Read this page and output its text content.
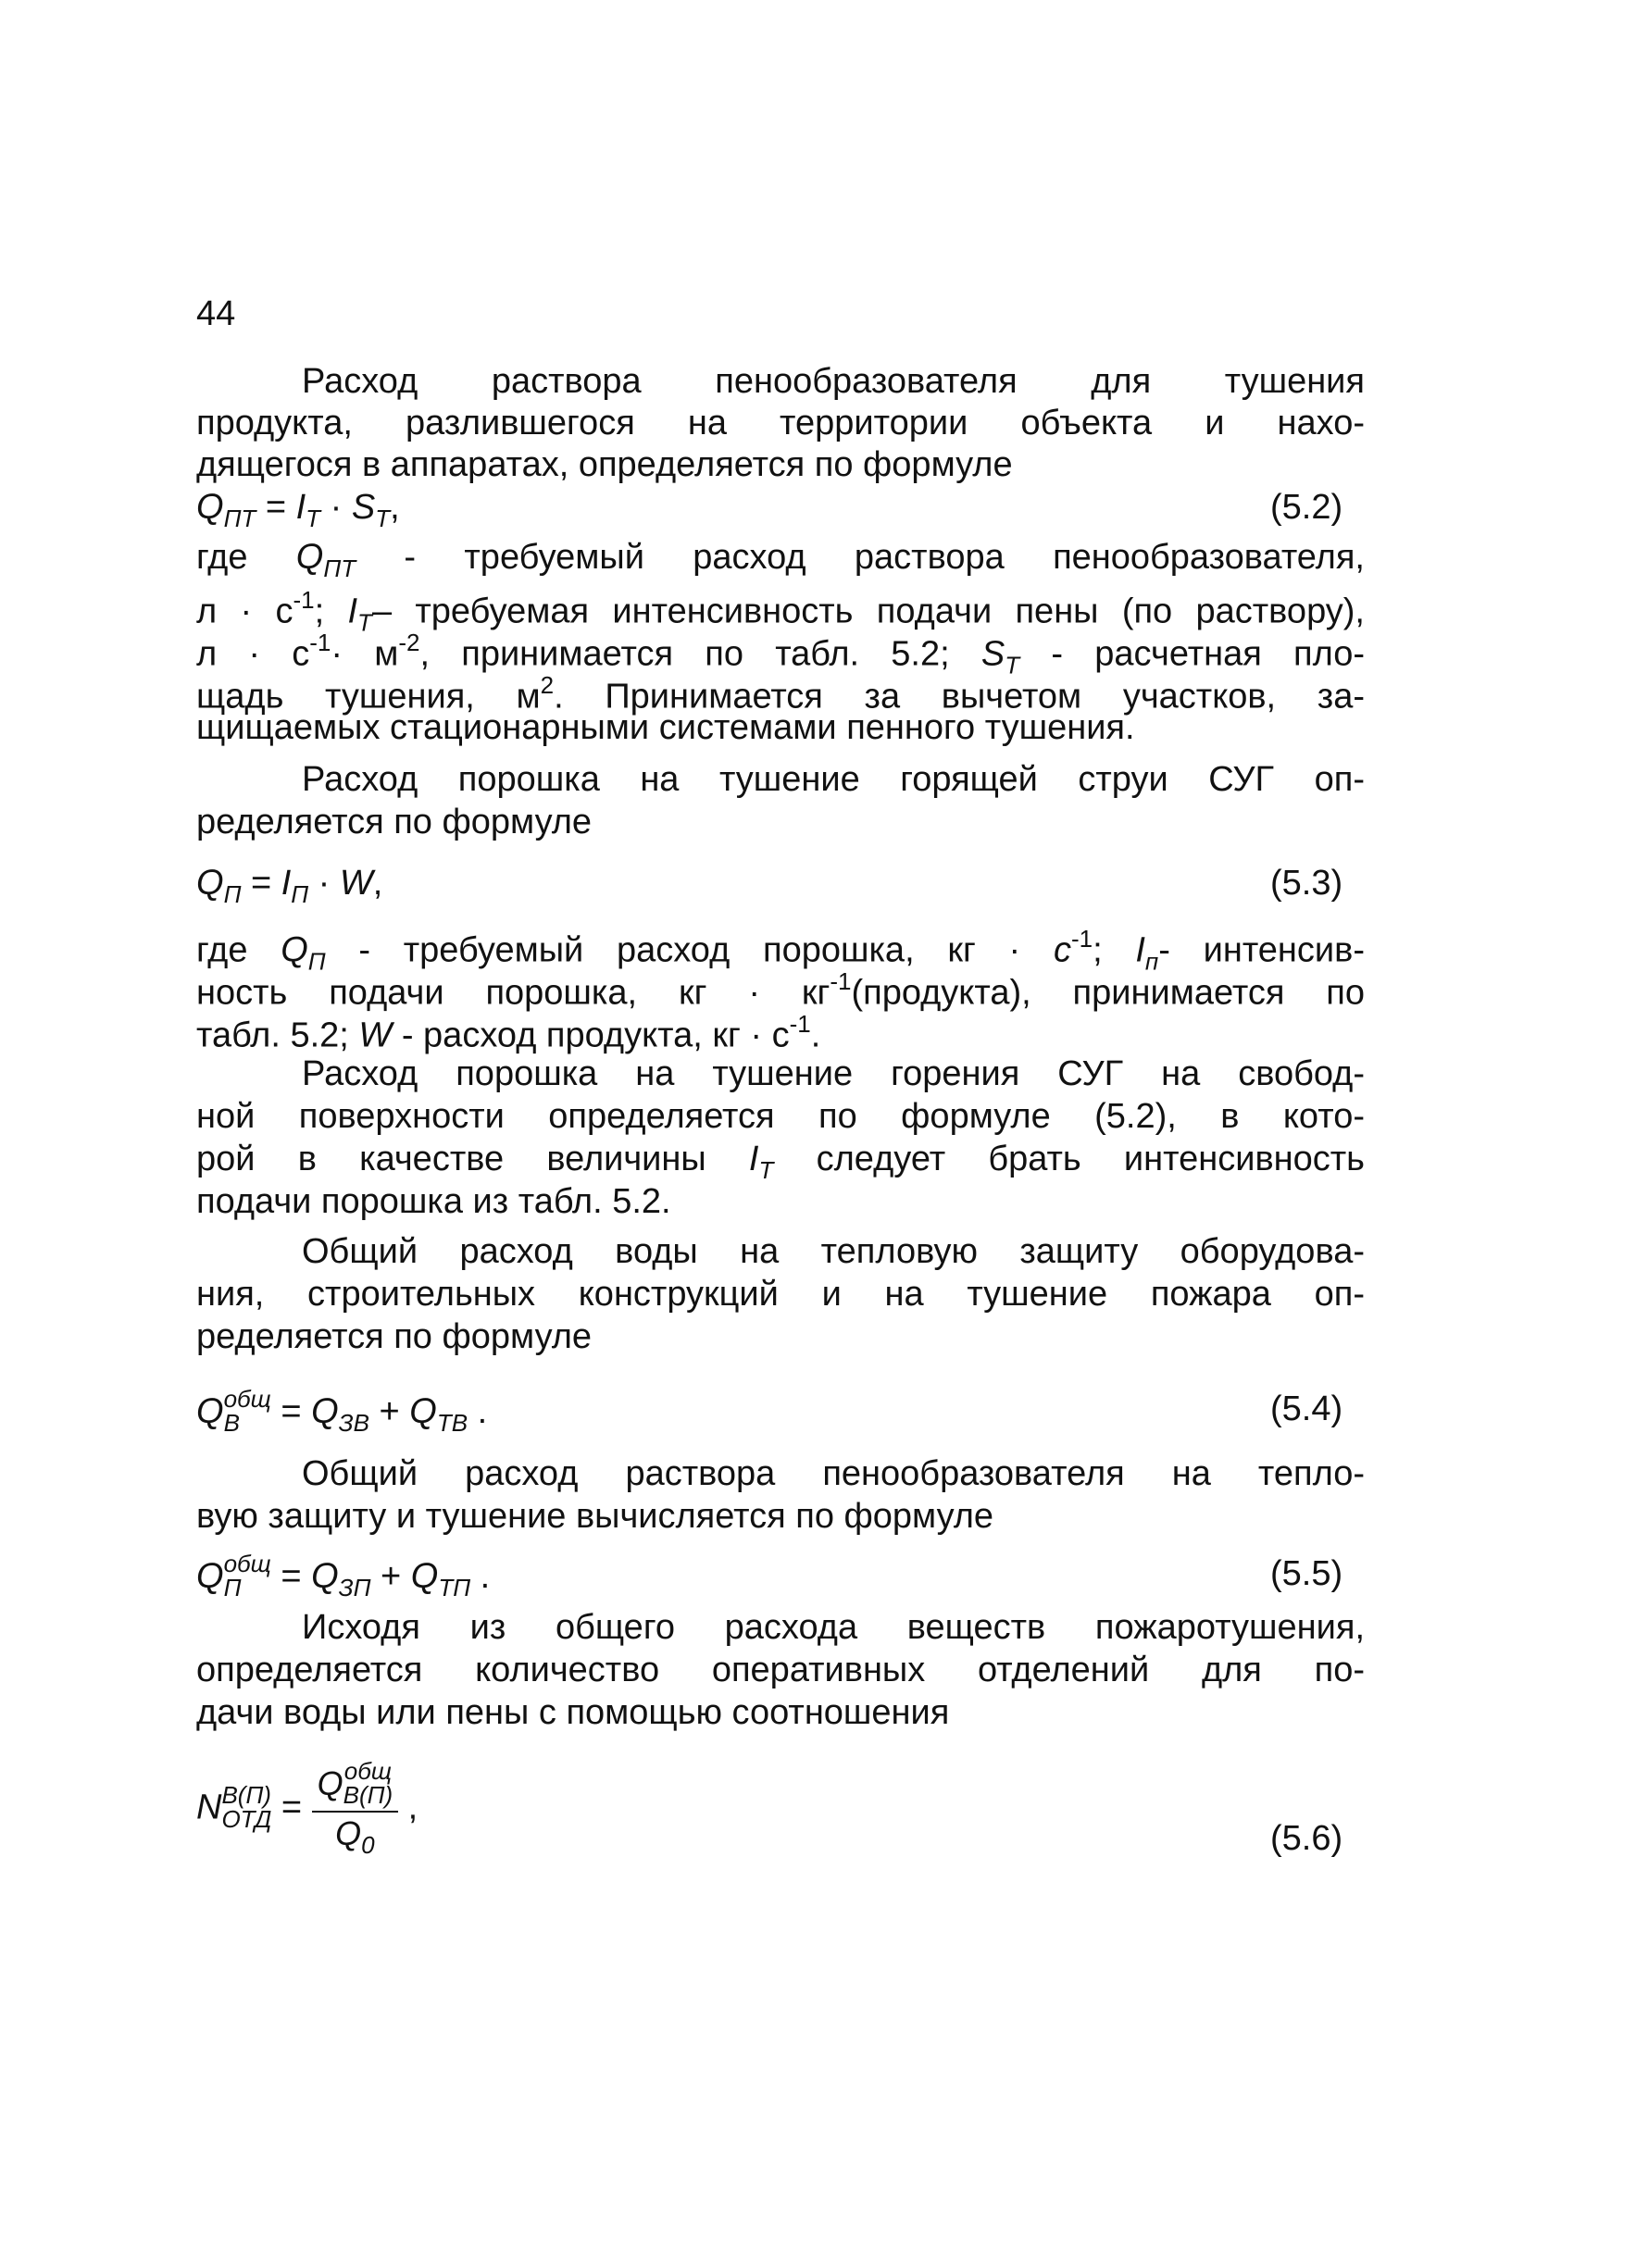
44
Расход раствора пенообразователя для тушения
продукта, разлившегося на территории объекта и нахо-
дящегося в аппаратах, определяется по формуле
$Q_{ПТ} = I_T \cdot S_T$,	(5.2)
где $Q_{ПТ}$ - требуемый расход раствора пенообразователя,
$л \cdot с^{-1}$; $I_T-$ требуемая интенсивность подачи пены (по раствору),
$л \cdot с^{-1}\cdot м^{-2}$, принимается по табл. 5.2; $S_T$ - расчетная пло-
щадь тушения, $м^2$. Принимается за вычетом участков, за-
щищаемых стационарными системами пенного тушения.
Расход порошка на тушение горящей струи СУГ оп-
ределяется по формуле
$Q_П = I_П \cdot W$,	(5.3)
где $Q_П$ - требуемый расход порошка, кг · $с^{-1}$; $I_п-$ интенсив-
ность подачи порошка, кг · $кг^{-1}(продукта)$, принимается по
табл. 5.2; W - расход продукта, кг · $с^{-1}$.
Расход порошка на тушение горения СУГ на свобод-
ной поверхности определяется по формуле (5.2), в кото-
рой в качестве величины $I_T$ следует брать интенсивность
подачи порошка из табл. 5.2.
Общий расход воды на тепловую защиту оборудова-
ния, строительных конструкций и на тушение пожара оп-
ределяется по формуле
Q общ
$В = Q_{ЗВ} + Q_{ТВ}$ .	(5.4)
Общий расход раствора пенообразователя на тепло-
вую защиту и тушение вычисляется по формуле
Q общ
$П = Q_{ЗП} + Q_{ТП}$ .	(5.5)
Исходя из общего расхода веществ пожаротушения,
определяется количество оперативных отделений для по-
дачи воды или пены с помощью соотношения
N В(П)
ОТД = Q общ
В(П)
$Q_0$ ,
(5.6)
